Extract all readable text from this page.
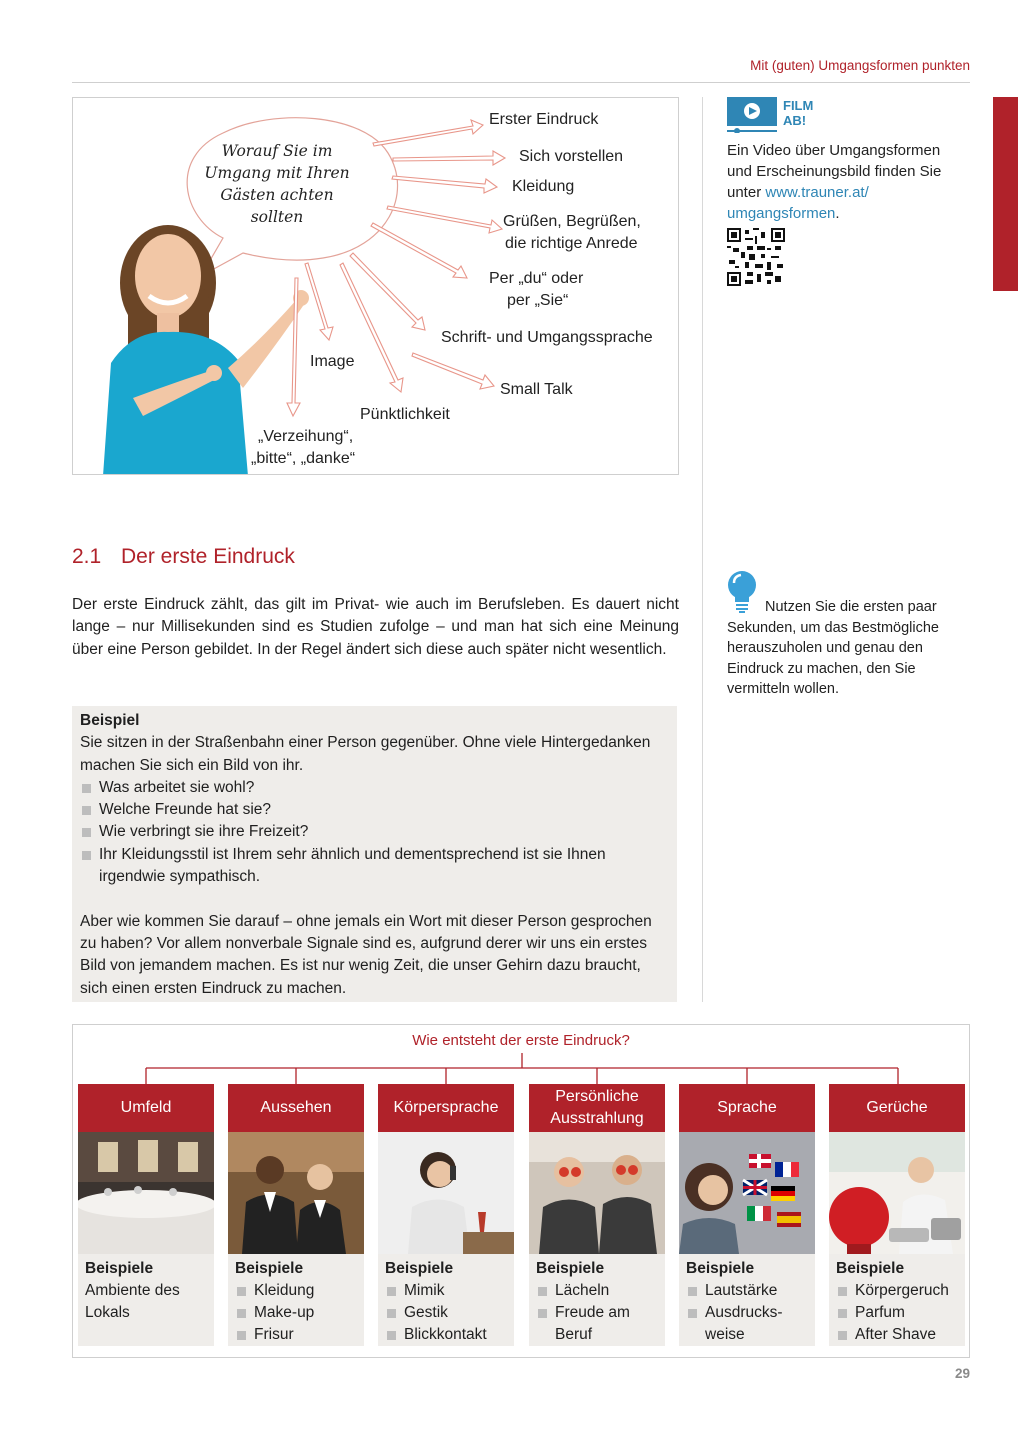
Mit (guten) Umgangsformen punkten
Worauf Sie im Umgang mit Ihren Gästen achten sollten
Erster Eindruck
Sich vorstellen
Kleidung
Grüßen, Begrüßen,
die richtige Anrede
Per „du“ oder
per „Sie“
Schrift- und Umgangssprache
Image
Small Talk
Pünktlichkeit
„Verzeihung“,
„bitte“, „danke“
FILM
AB!
Ein Video über Umgangsformen und Erscheinungsbild finden Sie unter www.trauner.at/ umgangsformen.
2.1 Der erste Eindruck

Der erste Eindruck zählt, das gilt im Privat- wie auch im Berufsleben. Es dauert nicht lange – nur Millisekunden sind es Studien zufolge – und man hat sich eine Meinung über eine Person gebildet. In der Regel ändert sich diese auch später nicht wesentlich.

Nutzen Sie die ersten paar Sekunden, um das Bestmögliche herauszuholen und genau den Eindruck zu machen, den Sie vermitteln wollen.

Beispiel
Sie sitzen in der Straßenbahn einer Person gegenüber. Ohne viele Hintergedanken machen Sie sich ein Bild von ihr.
Was arbeitet sie wohl?
Welche Freunde hat sie?
Wie verbringt sie ihre Freizeit?
Ihr Kleidungsstil ist Ihrem sehr ähnlich und dementsprechend ist sie Ihnen irgendwie sympathisch.
Aber wie kommen Sie darauf – ohne jemals ein Wort mit dieser Person gesprochen zu haben? Vor allem nonverbale Signale sind es, aufgrund derer wir uns ein erstes Bild von jemandem machen. Es ist nur wenig Zeit, die unser Gehirn dazu braucht, sich einen ersten Eindruck zu machen.
Wie entsteht der erste Eindruck?
Umfeld
Beispiele
Ambiente des Lokals
Aussehen
Beispiele
Kleidung
Make-up
Frisur
Körpersprache
Beispiele
Mimik
Gestik
Blickkontakt
Persönliche Ausstrahlung
Beispiele
Lächeln
Freude am Beruf
Sprache
Beispiele
Lautstärke
Ausdrucks-weise
Gerüche
Beispiele
Körpergeruch
Parfum
After Shave
29
